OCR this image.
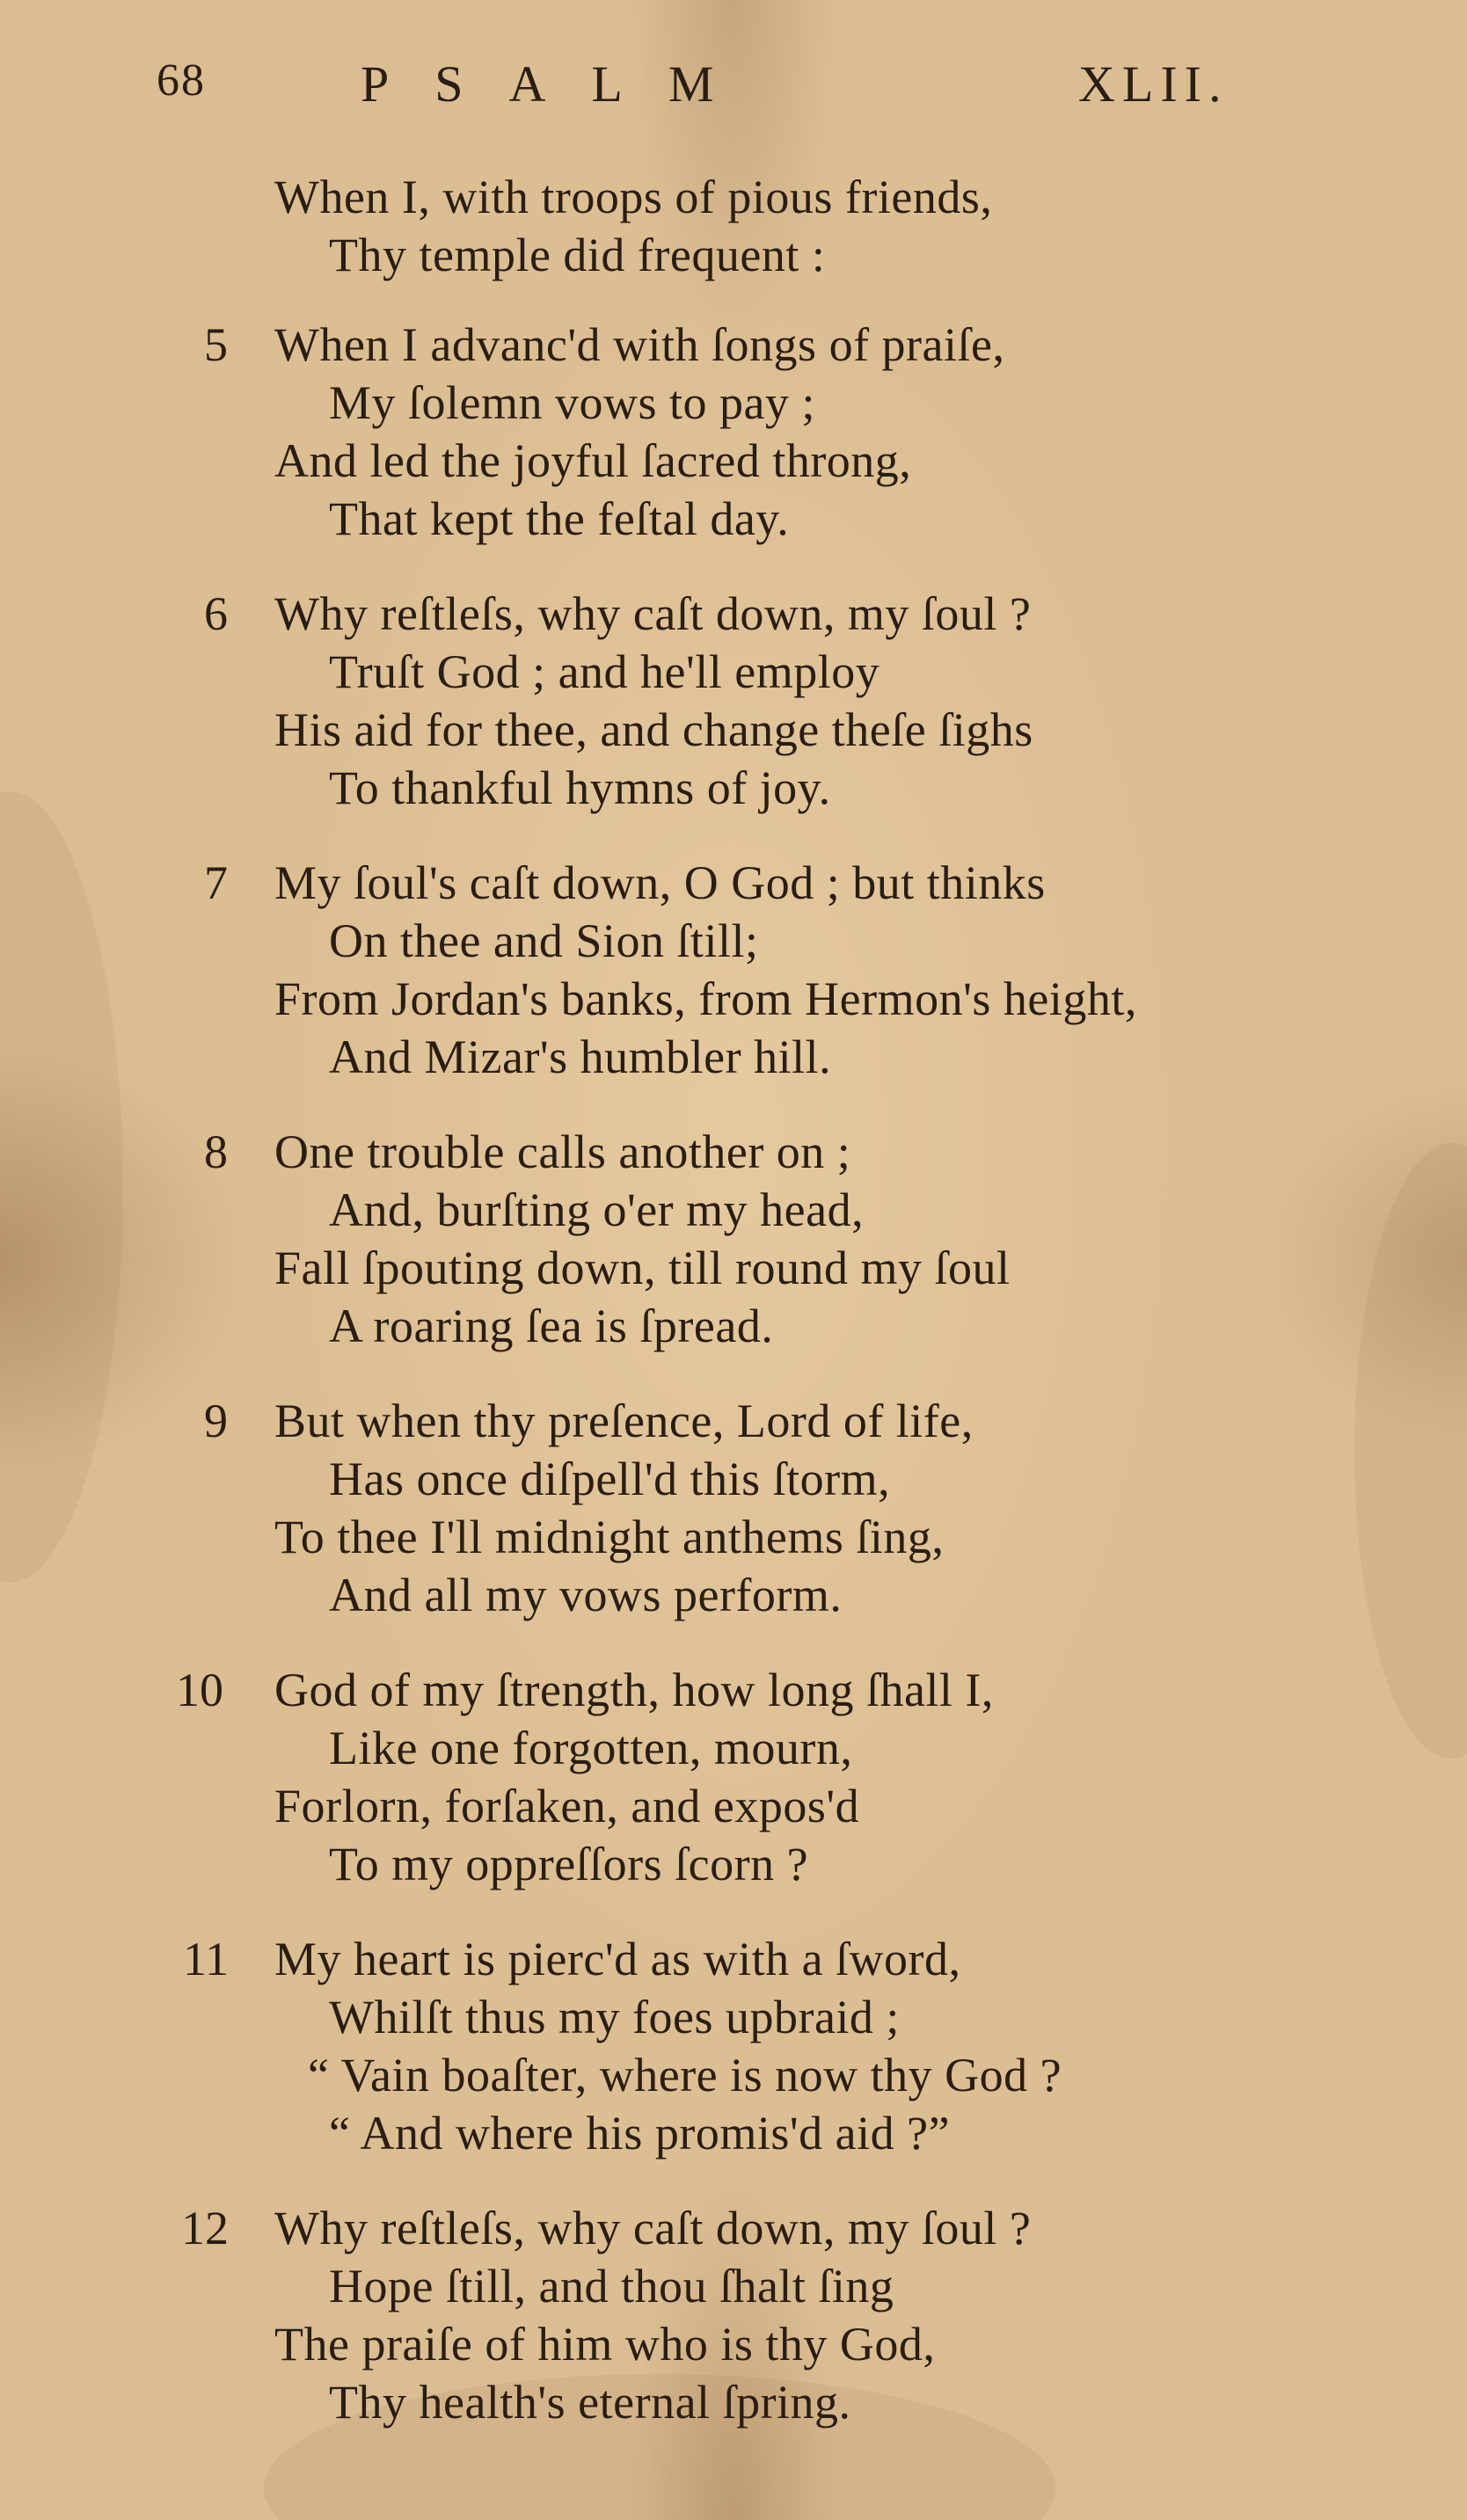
68	PSALM	XLII.
When I, with troops of pious friends,
Thy temple did frequent :
5 When I advanc'd with ſongs of praiſe,
My ſolemn vows to pay ;
And led the joyful ſacred throng,
That kept the feſtal day.
6 Why reſtleſs, why caſt down, my ſoul ?
Truſt God ; and he'll employ
His aid for thee, and change theſe ſighs
To thankful hymns of joy.
7 My ſoul's caſt down, O God ; but thinks
On thee and Sion ſtill;
From Jordan's banks, from Hermon's height,
And Mizar's humbler hill.
8 One trouble calls another on ;
And, burſting o'er my head,
Fall ſpouting down, till round my ſoul
A roaring ſea is ſpread.
9 But when thy preſence, Lord of life,
Has once diſpell'd this ſtorm,
To thee I'll midnight anthems ſing,
And all my vows perform.
10 God of my ſtrength, how long ſhall I,
Like one forgotten, mourn,
Forlorn, forſaken, and expos'd
To my oppreſſors ſcorn ?
11 My heart is pierc'd as with a ſword,
Whilſt thus my foes upbraid ;
“ Vain boaſter, where is now thy God ?
“ And where his promis'd aid ?”
12 Why reſtleſs, why caſt down, my ſoul ?
Hope ſtill, and thou ſhalt ſing
The praiſe of him who is thy God,
Thy health's eternal ſpring.
